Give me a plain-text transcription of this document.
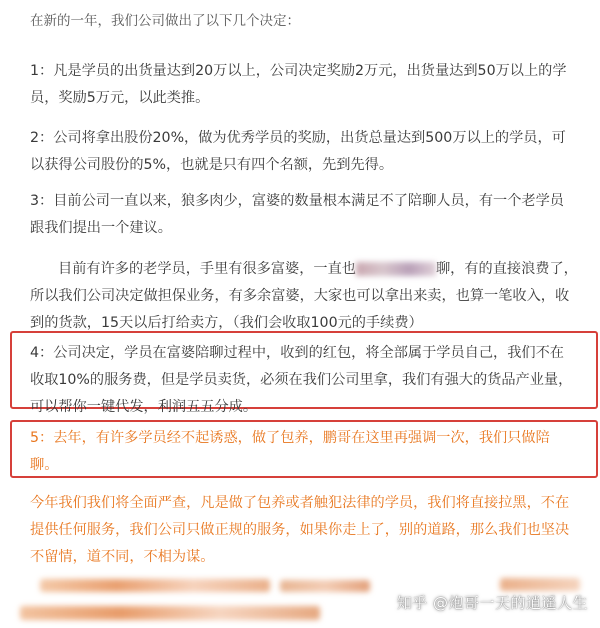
在新的一年，我们公司做出了以下几个决定：

1：凡是学员的出货量达到20万以上，公司决定奖励2万元，出货量达到50万以上的学员，奖励5万元，以此类推。

2：公司将拿出股份20%，做为优秀学员的奖励，出货总量达到500万以上的学员，可以获得公司股份的5%，也就是只有四个名额，先到先得。

3：目前公司一直以来，狼多肉少，富婆的数量根本满足不了陪聊人员，有一个老学员跟我们提出一个建议。

目前有许多的老学员，手里有很多富婆，一直也	聊，有的直接浪费了，所以我们公司决定做担保业务，有多余富婆，大家也可以拿出来卖，也算一笔收入，收到的货款，15天以后打给卖方，（我们会收取100元的手续费）

4：公司决定，学员在富婆陪聊过程中，收到的红包，将全部属于学员自己，我们不在收取10%的服务费，但是学员卖货，必须在我们公司里拿，我们有强大的货品产业量，可以帮你一键代发，利润五五分成。

5：去年，有许多学员经不起诱惑，做了包养，鹏哥在这里再强调一次，我们只做陪聊。

今年我们我们将全面严查，凡是做了包养或者触犯法律的学员，我们将直接拉黑，不在提供任何服务，我们公司只做正规的服务，如果你走上了，别的道路，那么我们也坚决不留情，道不同，不相为谋。

知乎 @炮哥一天的逍遥人生
